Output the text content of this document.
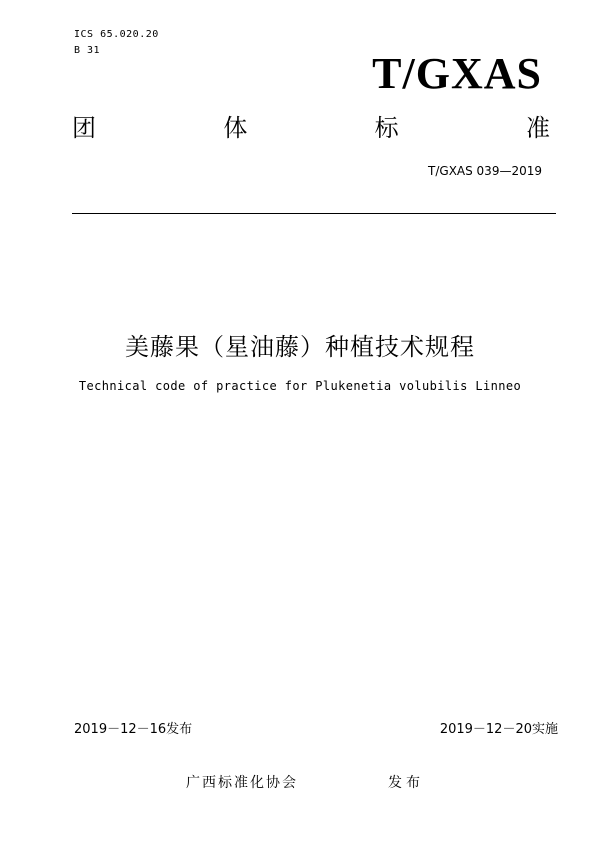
ICS 65.020.20
B 31	T/GXAS
团	体	标	准
T/GXAS 039—2019
美藤果（星油藤）种植技术规程
Technical code of practice for Plukenetia volubilis Linneo
2019－12－16发布	2019－12－20实施
广西标准化协会	发布
